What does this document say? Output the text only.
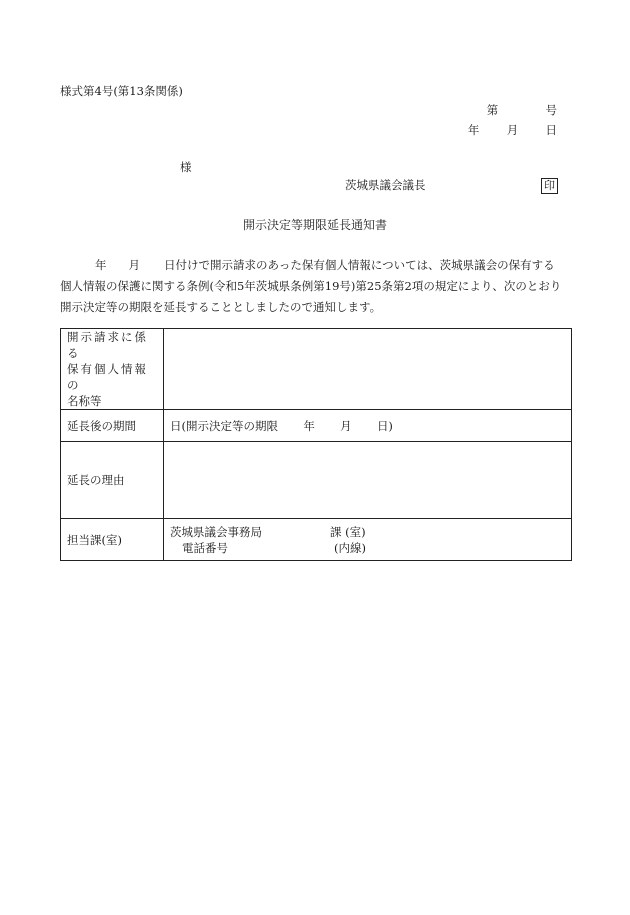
様式第4号(第13条関係)
第	号
年 月 日
様
茨城県議会議長	印
開示決定等期限延長通知書
年 月 日付けで開示請求のあった保有個人情報については、茨城県議会の保有する
個人情報の保護に関する条例(令和5年茨城県条例第19号)第25条第2項の規定により、次のとおり
開示決定等の期限を延長することとしましたので通知します。
開示請求に係る
保有個人情報の
名称等	

延長後の期間	日(開示決定等の期限 年 月 日)
延長の理由	
担当課(室)	茨城県議会事務局 課 (室)
電話番号 (内線)
